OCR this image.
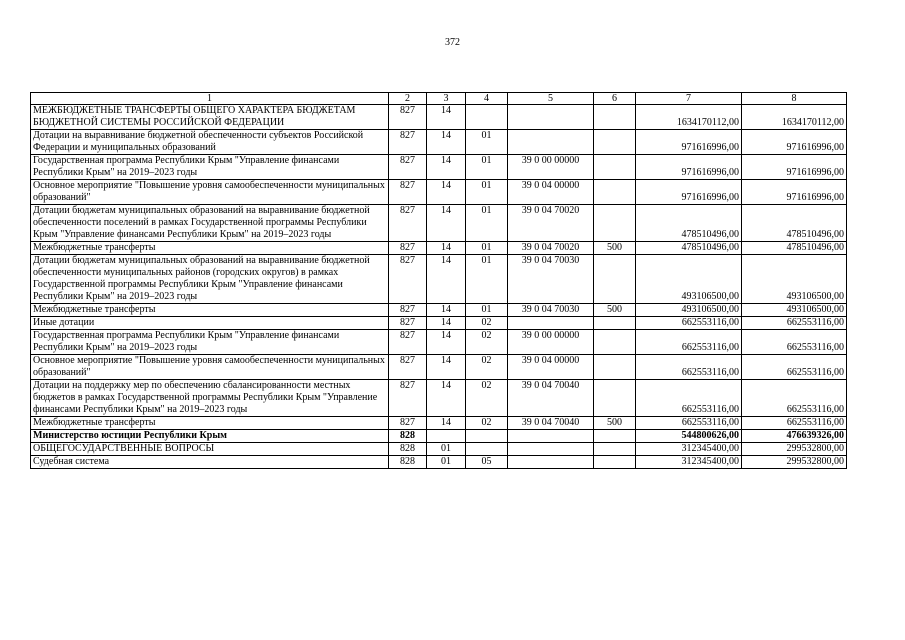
372
1	2	3	4	5	6	7	8
МЕЖБЮДЖЕТНЫЕ ТРАНСФЕРТЫ ОБЩЕГО ХАРАКТЕРА БЮДЖЕТАМ БЮДЖЕТНОЙ СИСТЕМЫ РОССИЙСКОЙ ФЕДЕРАЦИИ	827	14				1634170112,00	1634170112,00
Дотации на выравнивание бюджетной обеспеченности субъектов Российской Федерации и муниципальных образований	827	14	01			971616996,00	971616996,00
Государственная программа Республики Крым "Управление финансами Республики Крым" на 2019–2023 годы	827	14	01	39 0 00 00000		971616996,00	971616996,00
Основное мероприятие "Повышение уровня самообеспеченности муниципальных образований"	827	14	01	39 0 04 00000		971616996,00	971616996,00
Дотации бюджетам муниципальных образований на выравнивание бюджетной обеспеченности поселений в рамках Государственной программы Республики Крым "Управление финансами Республики Крым" на 2019–2023 годы	827	14	01	39 0 04 70020		478510496,00	478510496,00
Межбюджетные трансферты	827	14	01	39 0 04 70020	500	478510496,00	478510496,00
Дотации бюджетам муниципальных образований на выравнивание бюджетной обеспеченности муниципальных районов (городских округов) в рамках Государственной программы Республики Крым "Управление финансами Республики Крым" на 2019–2023 годы	827	14	01	39 0 04 70030		493106500,00	493106500,00
Межбюджетные трансферты	827	14	01	39 0 04 70030	500	493106500,00	493106500,00
Иные дотации	827	14	02			662553116,00	662553116,00
Государственная программа Республики Крым "Управление финансами Республики Крым" на 2019–2023 годы	827	14	02	39 0 00 00000		662553116,00	662553116,00
Основное мероприятие "Повышение уровня самообеспеченности муниципальных образований"	827	14	02	39 0 04 00000		662553116,00	662553116,00
Дотации на поддержку мер по обеспечению сбалансированности местных бюджетов в рамках Государственной программы Республики Крым "Управление финансами Республики Крым" на 2019–2023 годы	827	14	02	39 0 04 70040		662553116,00	662553116,00
Межбюджетные трансферты	827	14	02	39 0 04 70040	500	662553116,00	662553116,00
Министерство юстиции Республики Крым	828					544800626,00	476639326,00
ОБЩЕГОСУДАРСТВЕННЫЕ ВОПРОСЫ	828	01				312345400,00	299532800,00
Судебная система	828	01	05			312345400,00	299532800,00
